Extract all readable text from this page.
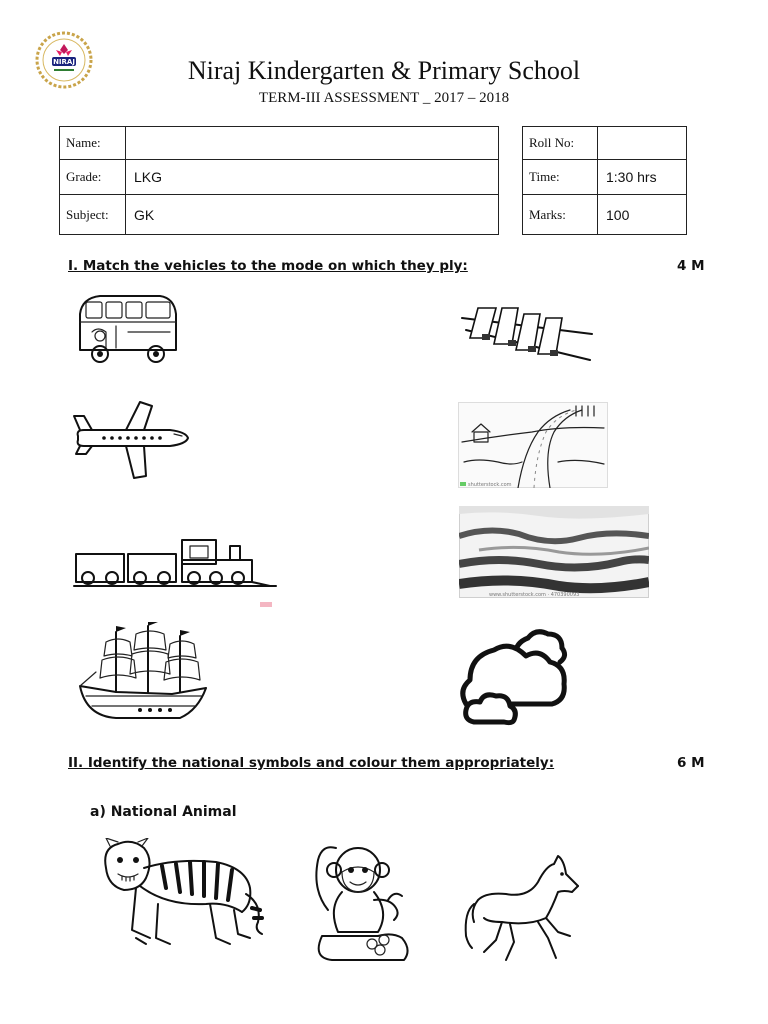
NIRAJ	Niraj Kindergarten & Primary School
TERM-III ASSESSMENT _ 2017 – 2018
Name:	
Grade:	LKG
Subject:	GK
Roll No:	
Time:	1:30 hrs
Marks:	100
I. Match the vehicles to the mode on which they ply:	4 M
shutterstock.com
www.shutterstock.com · 470390093
II. Identify the national symbols and colour them appropriately:	6 M
a) National Animal
